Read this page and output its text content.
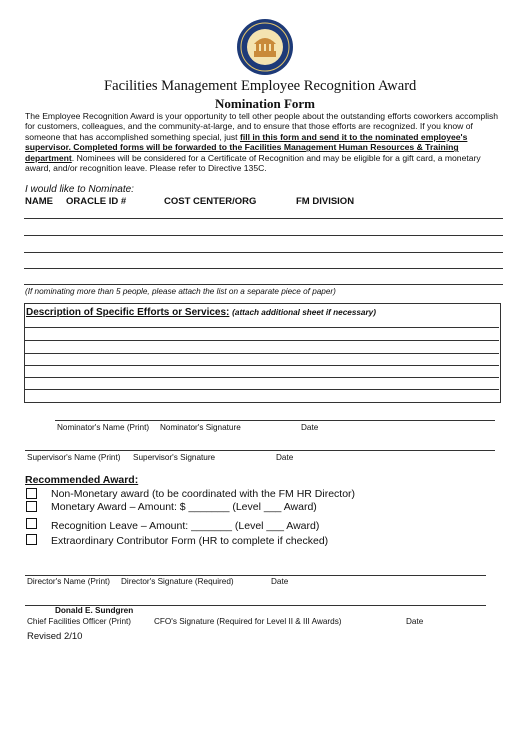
Facilities Management Employee Recognition Award
Nomination Form
The Employee Recognition Award is your opportunity to tell other people about the outstanding efforts coworkers accomplish for customers, colleagues, and the community-at-large, and to ensure that those efforts are recognized. If you know of someone that has accomplished something special, just fill in this form and send it to the nominated employee's supervisor. Completed forms will be forwarded to the Facilities Management Human Resources & Training department. Nominees will be considered for a Certificate of Recognition and may be eligible for a gift card, a monetary award, and/or recognition leave. Please refer to Directive 135C.
I would like to Nominate:
NAME ORACLE ID #	COST CENTER/ORG	FM DIVISION
(If nominating more than 5 people, please attach the list on a separate piece of paper)
Description of Specific Efforts or Services: (attach additional sheet if necessary)
Nominator's Name (Print) Nominator's Signature	Date
Supervisor's Name (Print) Supervisor's Signature	Date
Recommended Award:
Non-Monetary award (to be coordinated with the FM HR Director)
Monetary Award – Amount: $ _______ (Level ___ Award)
Recognition Leave – Amount: _______ (Level ___ Award)
Extraordinary Contributor Form (HR to complete if checked)
Director's Name (Print) Director's Signature (Required)	Date
Donald E. Sundgren
Chief Facilities Officer (Print)	CFO's Signature (Required for Level II & III Awards)	Date
Revised 2/10
